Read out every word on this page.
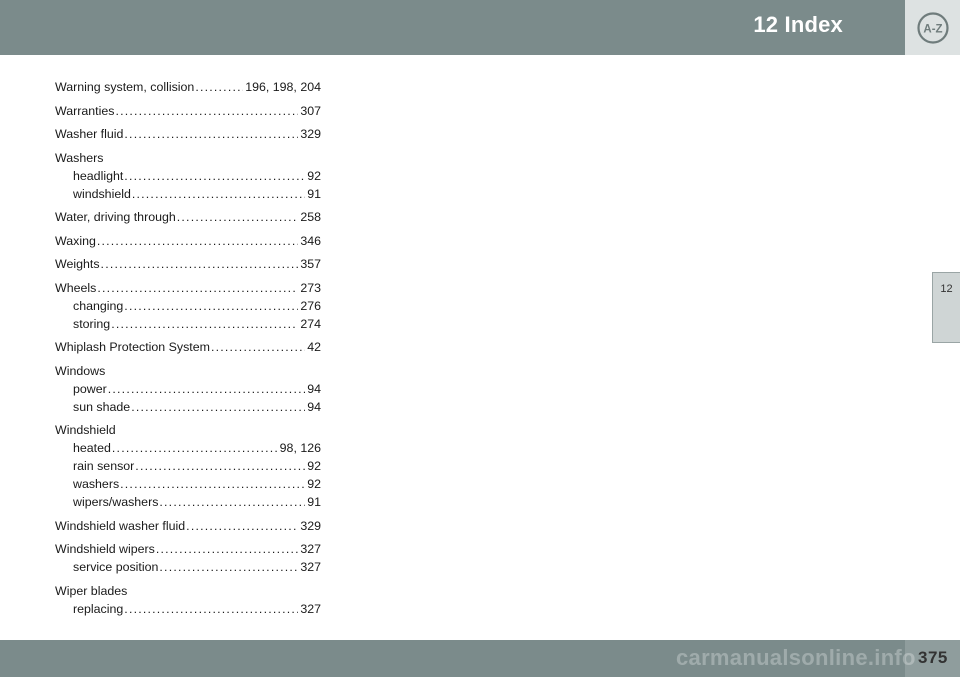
12 Index	A-Z
12
Warning system, collision .....	196, 198, 204
Warranties .....	307
Washer fluid .....	329
Washers
headlight .....	92
windshield .....	91
Water, driving through .....	258
Waxing .....	346
Weights .....	357
Wheels .....	273
changing .....	276
storing .....	274
Whiplash Protection System .....	42
Windows
power .....	94
sun shade .....	94
Windshield
heated .....	98, 126
rain sensor .....	92
washers .....	92
wipers/washers .....	91
Windshield washer fluid .....	329
Windshield wipers .....	327
service position .....	327
Wiper blades
replacing .....	327
carmanualsonline.info 375
